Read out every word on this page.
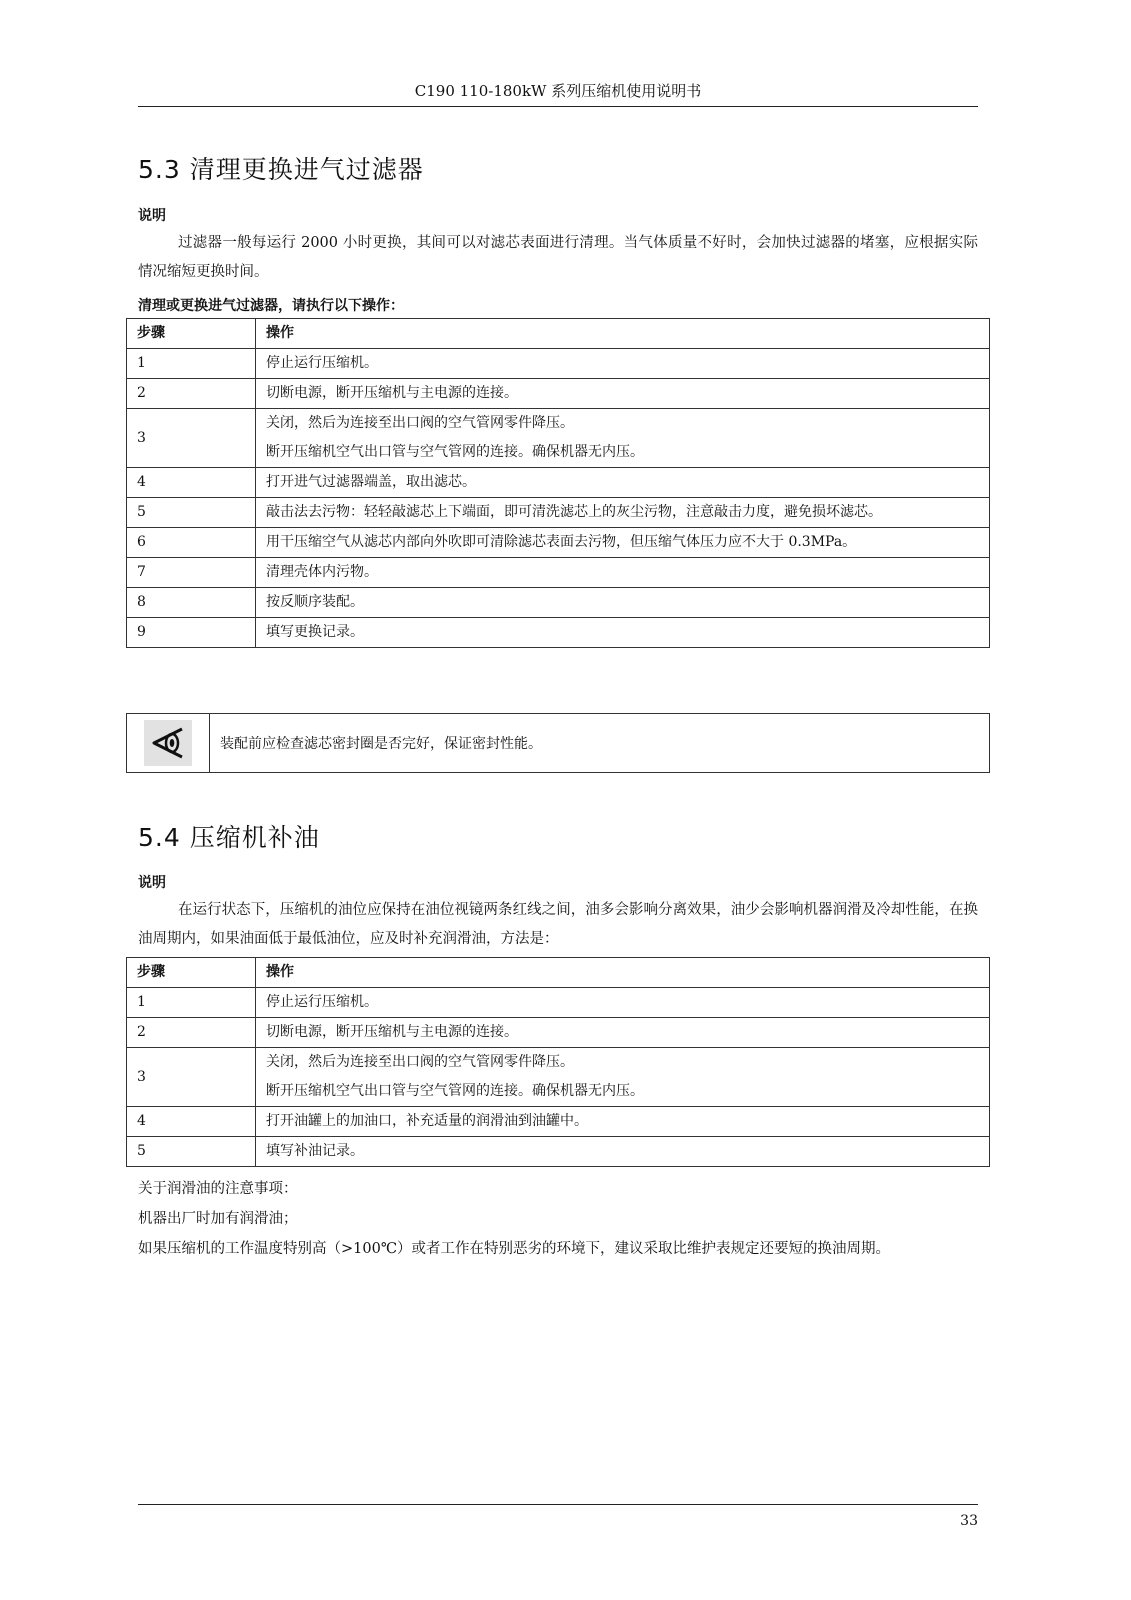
C190 110-180kW 系列压缩机使用说明书
5.3 清理更换进气过滤器
说明
过滤器一般每运行 2000 小时更换，其间可以对滤芯表面进行清理。当气体质量不好时，会加快过滤器的堵塞，应根据实际情况缩短更换时间。
清理或更换进气过滤器，请执行以下操作：
步骤	操作
1	停止运行压缩机。

2	切断电源，断开压缩机与主电源的连接。

3	关闭，然后为连接至出口阀的空气管网零件降压。
断开压缩机空气出口管与空气管网的连接。确保机器无内压。

4	打开进气过滤器端盖，取出滤芯。

5	敲击法去污物：轻轻敲滤芯上下端面，即可清洗滤芯上的灰尘污物，注意敲击力度，避免损坏滤芯。

6	用干压缩空气从滤芯内部向外吹即可清除滤芯表面去污物，但压缩气体压力应不大于 0.3MPa。

7	清理壳体内污物。

8	按反顺序装配。

9	填写更换记录。
装配前应检查滤芯密封圈是否完好，保证密封性能。
5.4 压缩机补油
说明
在运行状态下，压缩机的油位应保持在油位视镜两条红线之间，油多会影响分离效果，油少会影响机器润滑及冷却性能，在换油周期内，如果油面低于最低油位，应及时补充润滑油，方法是：
步骤	操作
1	停止运行压缩机。

2	切断电源，断开压缩机与主电源的连接。

3	关闭，然后为连接至出口阀的空气管网零件降压。
断开压缩机空气出口管与空气管网的连接。确保机器无内压。

4	打开油罐上的加油口，补充适量的润滑油到油罐中。

5	填写补油记录。
关于润滑油的注意事项：
机器出厂时加有润滑油；
如果压缩机的工作温度特别高（>100℃）或者工作在特别恶劣的环境下，建议采取比维护表规定还要短的换油周期。
33
